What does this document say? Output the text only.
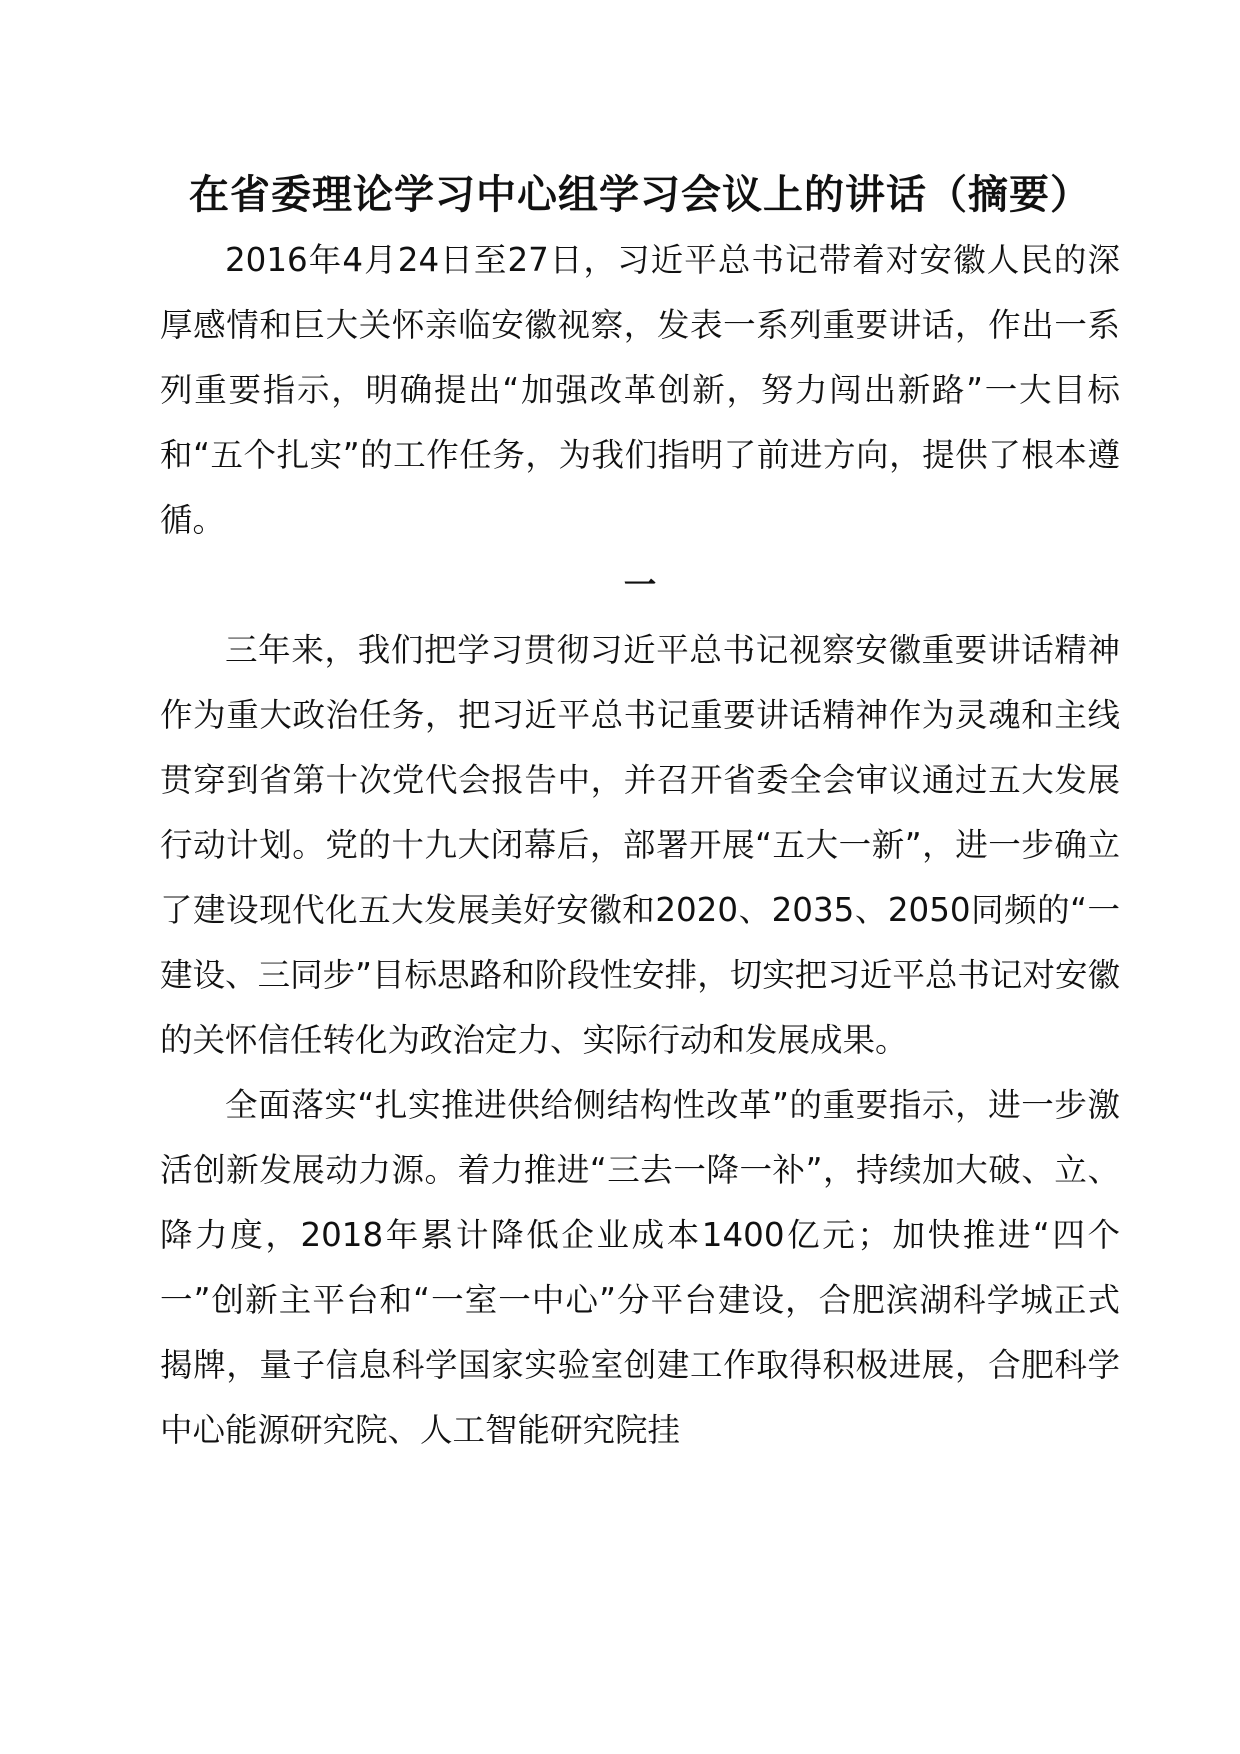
在省委理论学习中心组学习会议上的讲话（摘要）

2016年4月24日至27日，习近平总书记带着对安徽人民的深厚感情和巨大关怀亲临安徽视察，发表一系列重要讲话，作出一系列重要指示，明确提出“加强改革创新，努力闯出新路”一大目标和“五个扎实”的工作任务，为我们指明了前进方向，提供了根本遵循。

一

三年来，我们把学习贯彻习近平总书记视察安徽重要讲话精神作为重大政治任务，把习近平总书记重要讲话精神作为灵魂和主线贯穿到省第十次党代会报告中，并召开省委全会审议通过五大发展行动计划。党的十九大闭幕后，部署开展“五大一新”，进一步确立了建设现代化五大发展美好安徽和2020、2035、2050同频的“一建设、三同步”目标思路和阶段性安排，切实把习近平总书记对安徽的关怀信任转化为政治定力、实际行动和发展成果。

全面落实“扎实推进供给侧结构性改革”的重要指示，进一步激活创新发展动力源。着力推进“三去一降一补”，持续加大破、立、降力度，2018年累计降低企业成本1400亿元；加快推进“四个一”创新主平台和“一室一中心”分平台建设，合肥滨湖科学城正式揭牌，量子信息科学国家实验室创建工作取得积极进展，合肥科学中心能源研究院、人工智能研究院挂
